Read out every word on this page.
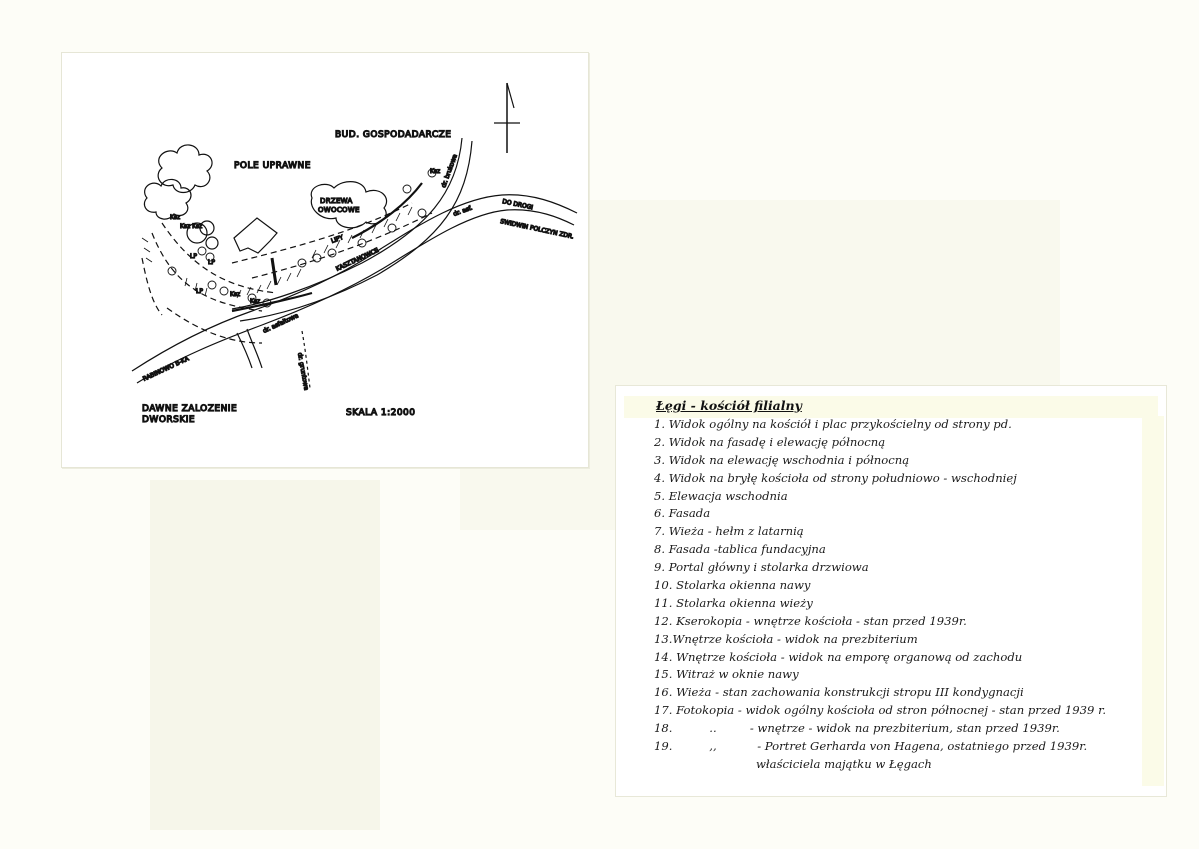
POLE UPRAWNE
BUD. GOSPODADARCZE
DRZEWA
OWOCOWE
Ksz
Ksz
Ksz Ksz
LP
LP
LP	Ksz
Ksz
LIPY
KASZTANOWCE
dr. brukowa
dr. asf.
dr. asfaltowa
DO DROGI
SWIDWIN POLCZYN ZDR.
RABINOWO B-KA	dr. gruntowa
DAWNE ZALOZENIE
DWORSKIE
SKALA 1:2000	Łęgi - kościół filialny
1. Widok ogólny na kościół i plac przykościelny od strony pd.
2. Widok na fasadę i elewację północną
3. Widok na elewację wschodnia i północną
4. Widok na bryłę kościoła od strony południowo - wschodniej
5. Elewacja wschodnia
6. Fasada
7. Wieża - hełm z latarnią
8. Fasada -tablica fundacyjna
9. Portal główny i stolarka drzwiowa
10. Stolarka okienna nawy
11. Stolarka okienna wieży
12. Kserokopia - wnętrze kościoła - stan przed 1939r.
13.Wnętrze kościoła - widok na prezbiterium
14. Wnętrze kościoła - widok na emporę organową od zachodu
15. Witraż w oknie nawy
16. Wieża - stan zachowania konstrukcji stropu III kondygnacji
17. Fotokopia - widok ogólny kościoła od stron północnej - stan przed 1939 r.
18.          ..         - wnętrze - widok na prezbiterium, stan przed 1939r.
19.          ,,           - Portret Gerharda von Hagena, ostatniego przed 1939r.
właściciela majątku w Łęgach
